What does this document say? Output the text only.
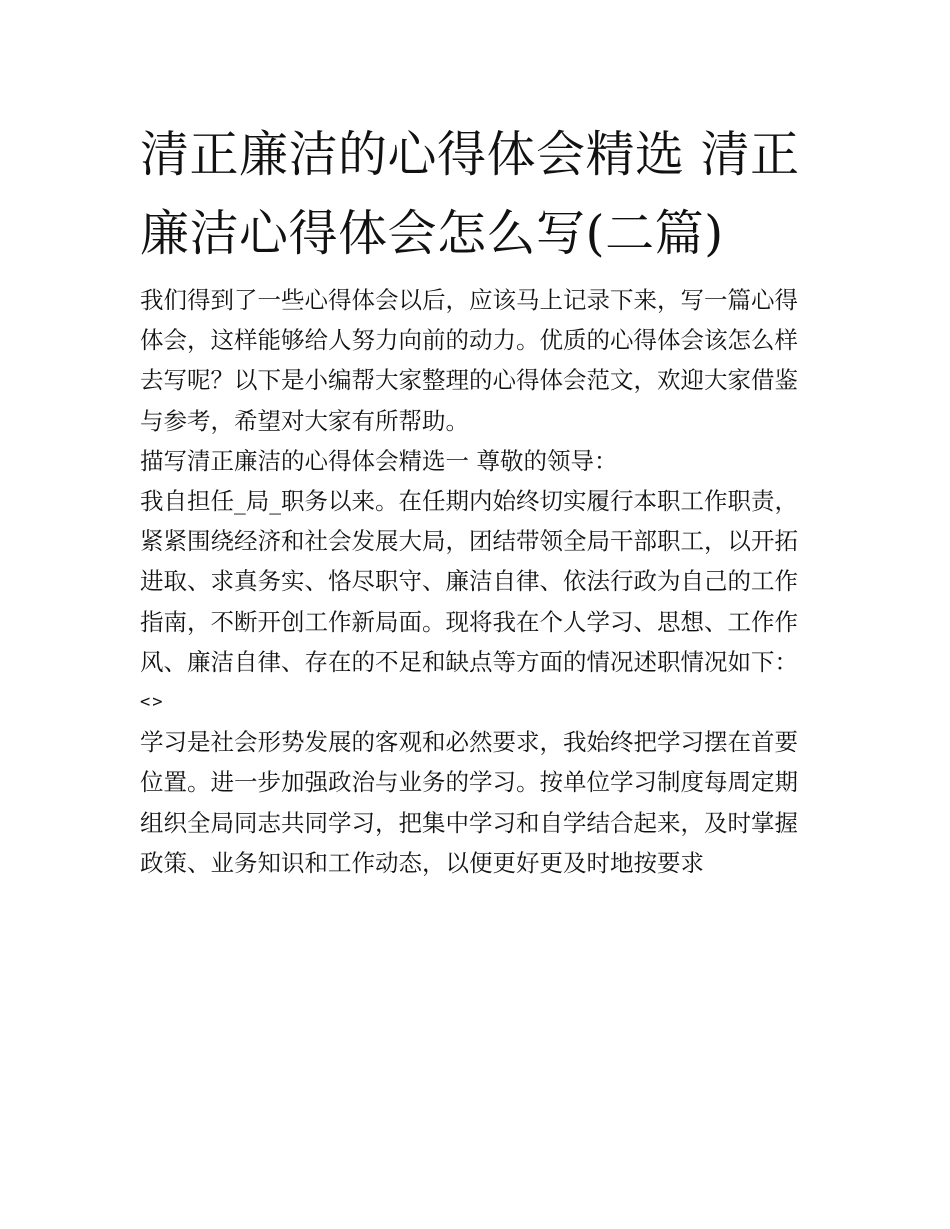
清正廉洁的心得体会精选 清正廉洁心得体会怎么写(二篇)

我们得到了一些心得体会以后，应该马上记录下来，写一篇心得体会，这样能够给人努力向前的动力。优质的心得体会该怎么样去写呢？以下是小编帮大家整理的心得体会范文，欢迎大家借鉴与参考，希望对大家有所帮助。

描写清正廉洁的心得体会精选一 尊敬的领导：

我自担任_局_职务以来。在任期内始终切实履行本职工作职责，紧紧围绕经济和社会发展大局，团结带领全局干部职工，以开拓进取、求真务实、恪尽职守、廉洁自律、依法行政为自己的工作指南，不断开创工作新局面。现将我在个人学习、思想、工作作风、廉洁自律、存在的不足和缺点等方面的情况述职情况如下：

<>

学习是社会形势发展的客观和必然要求，我始终把学习摆在首要位置。进一步加强政治与业务的学习。按单位学习制度每周定期组织全局同志共同学习，把集中学习和自学结合起来，及时掌握政策、业务知识和工作动态，以便更好更及时地按要求
